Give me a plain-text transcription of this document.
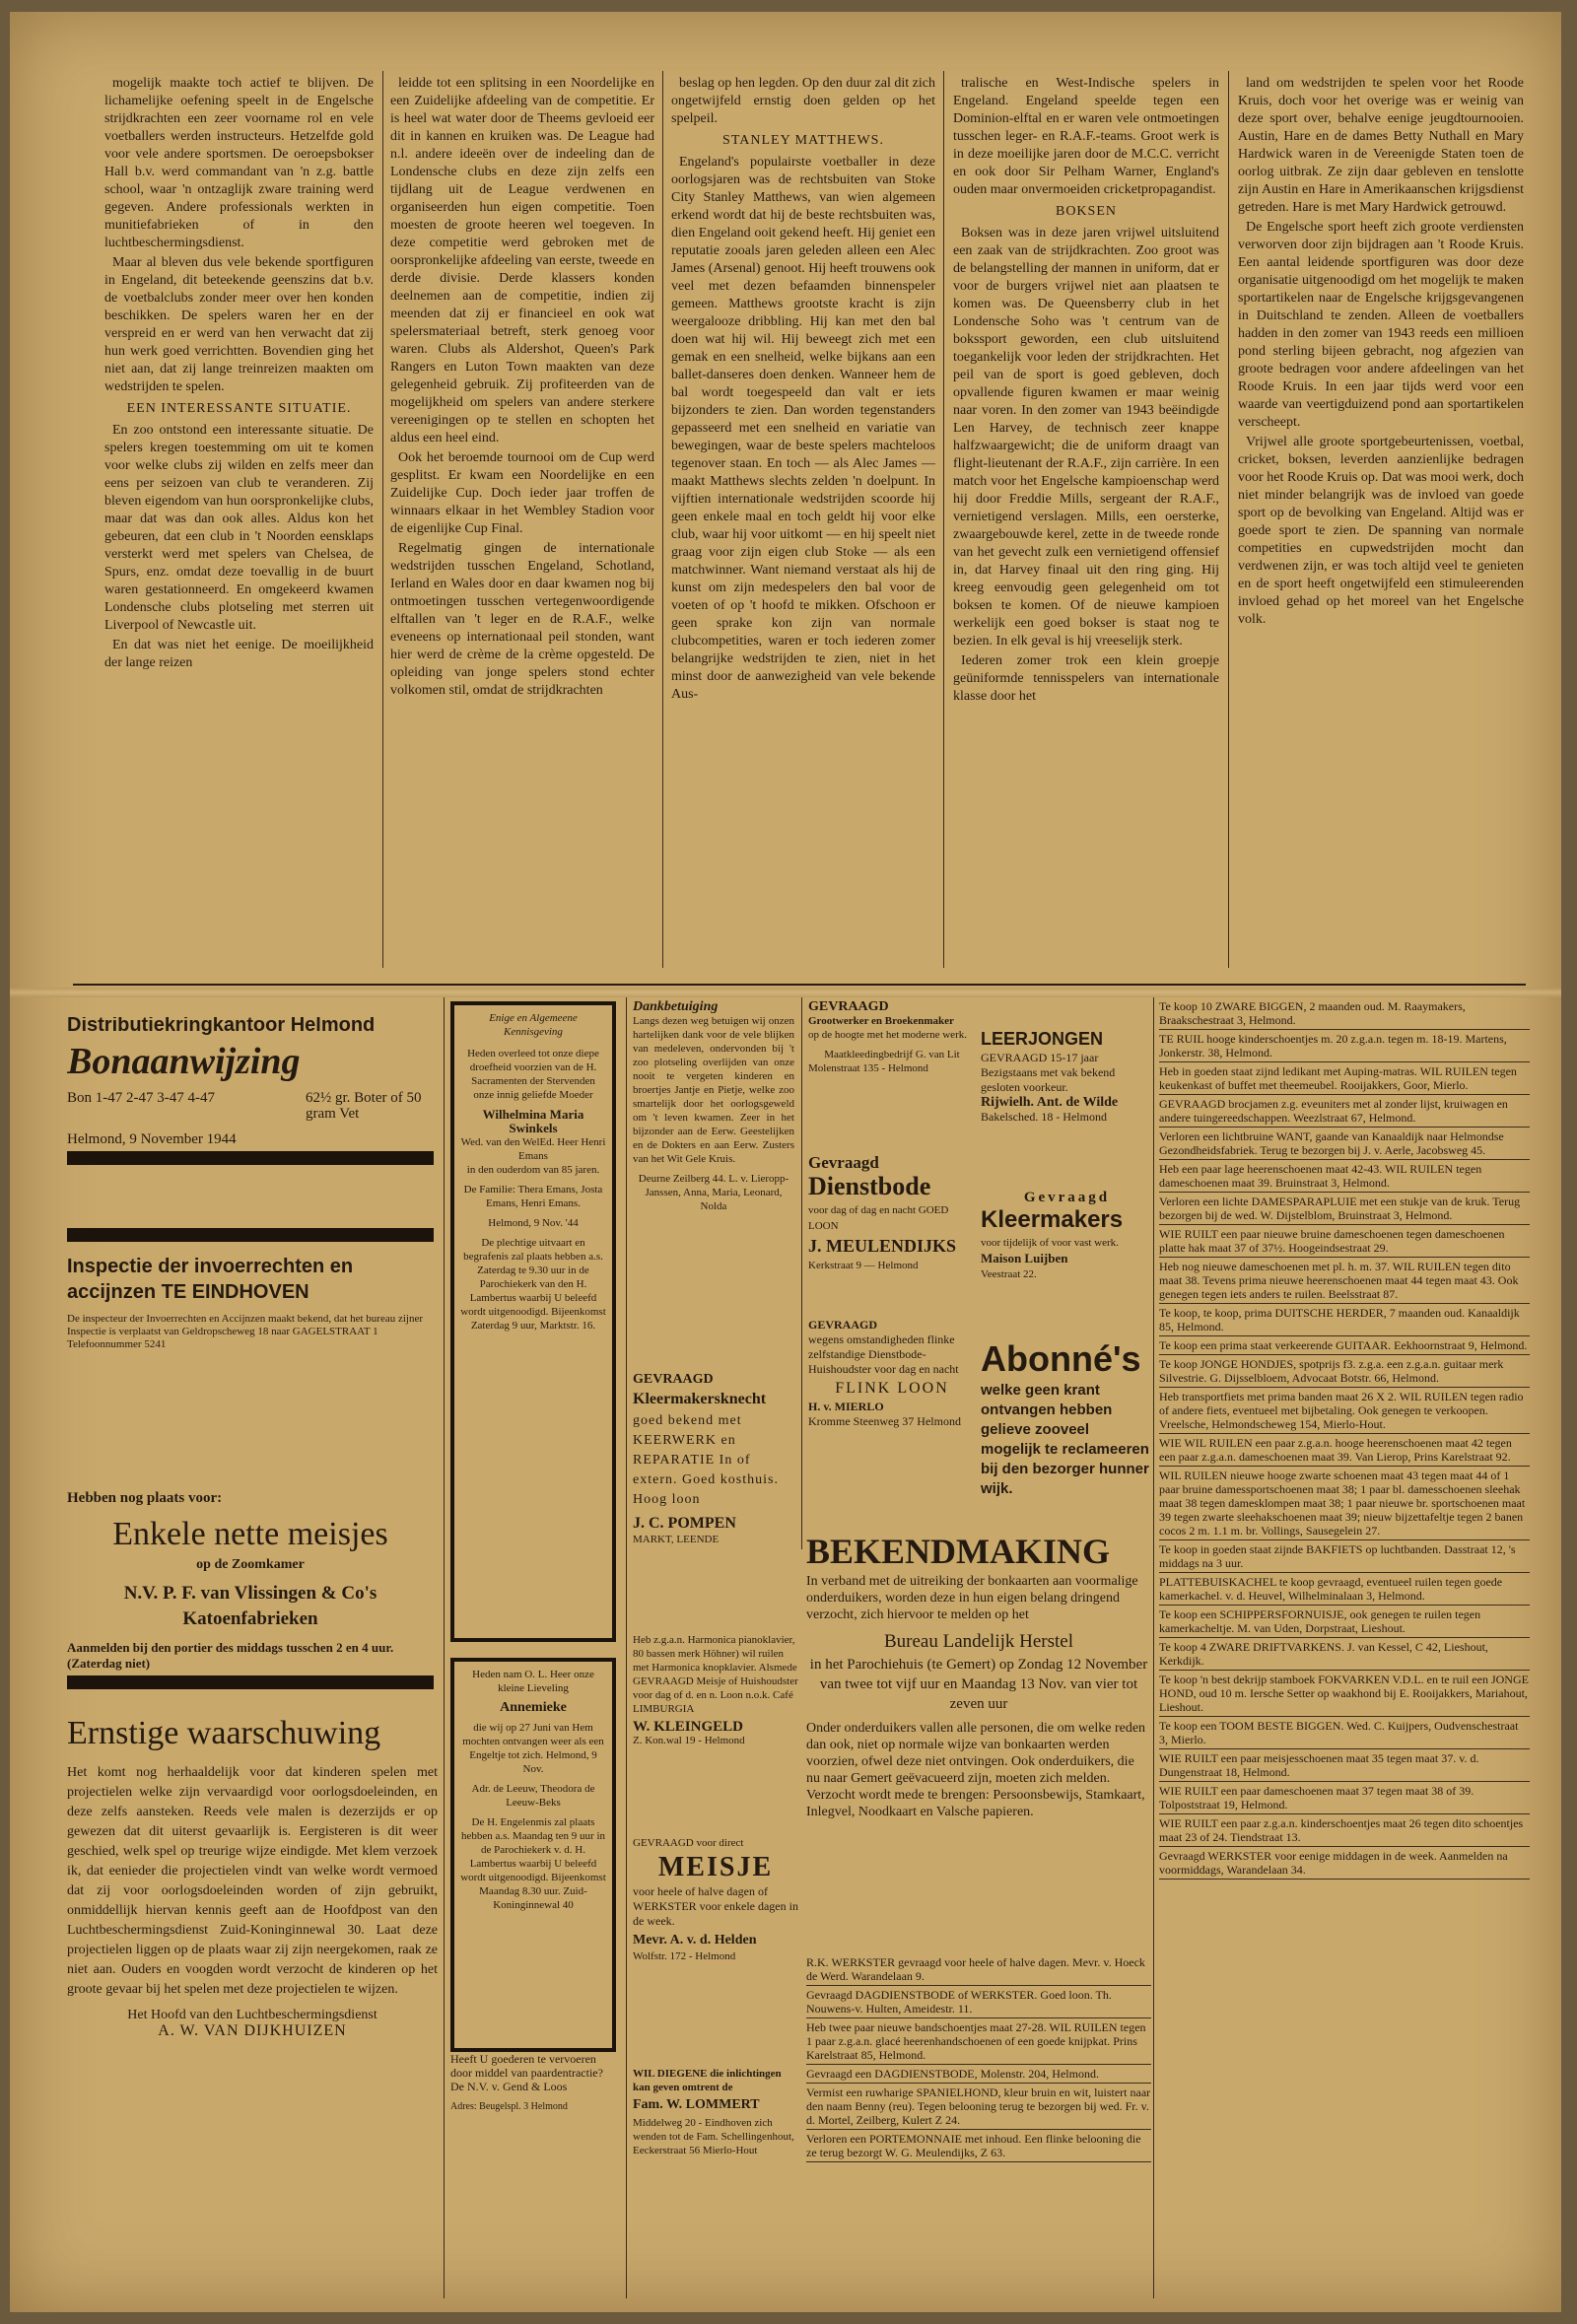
mogelijk maakte toch actief te blijven. De lichamelijke oefening speelt in de Engelsche strijdkrachten een zeer voorname rol en vele voetballers werden instructeurs. Hetzelfde gold voor vele andere sportsmen. De oeroepsbokser Hall b.v. werd commandant van 'n z.g. battle school, waar 'n ontzaglijk zware training werd gegeven. Andere professionals werkten in munitiefabrieken of in den luchtbeschermingsdienst.

Maar al bleven dus vele bekende sportfiguren in Engeland, dit beteekende geenszins dat b.v. de voetbalclubs zonder meer over hen konden beschikken. De spelers waren her en der verspreid en er werd van hen verwacht dat zij hun werk goed verrichtten. Bovendien ging het niet aan, dat zij lange treinreizen maakten om wedstrijden te spelen.

EEN INTERESSANTE SITUATIE.

En zoo ontstond een interessante situatie. De spelers kregen toestemming om uit te komen voor welke clubs zij wilden en zelfs meer dan eens per seizoen van club te veranderen. Zij bleven eigendom van hun oorspronkelijke clubs, maar dat was dan ook alles. Aldus kon het gebeuren, dat een club in 't Noorden eensklaps versterkt werd met spelers van Chelsea, de Spurs, enz. omdat deze toevallig in de buurt waren gestationneerd. En omgekeerd kwamen Londensche clubs plotseling met sterren uit Liverpool of Newcastle uit.

En dat was niet het eenige. De moeilijkheid der lange reizen

leidde tot een splitsing in een Noordelijke en een Zuidelijke afdeeling van de competitie. Er is heel wat water door de Theems gevloeid eer dit in kannen en kruiken was. De League had n.l. andere ideeën over de indeeling dan de Londensche clubs en deze zijn zelfs een tijdlang uit de League verdwenen en organiseerden hun eigen competitie. Toen moesten de groote heeren wel toegeven. In deze competitie werd gebroken met de oorspronkelijke afdeeling van eerste, tweede en derde divisie. Derde klassers konden deelnemen aan de competitie, indien zij meenden dat zij er financieel en ook wat spelersmateriaal betreft, sterk genoeg voor waren. Clubs als Aldershot, Queen's Park Rangers en Luton Town maakten van deze gelegenheid gebruik. Zij profiteerden van de mogelijkheid om spelers van andere sterkere vereenigingen op te stellen en schopten het aldus een heel eind.

Ook het beroemde tournooi om de Cup werd gesplitst. Er kwam een Noordelijke en een Zuidelijke Cup. Doch ieder jaar troffen de winnaars elkaar in het Wembley Stadion voor de eigenlijke Cup Final.

Regelmatig gingen de internationale wedstrijden tusschen Engeland, Schotland, Ierland en Wales door en daar kwamen nog bij ontmoetingen tusschen vertegenwoordigende elftallen van 't leger en de R.A.F., welke eveneens op internationaal peil stonden, want hier werd de crème de la crème opgesteld. De opleiding van jonge spelers stond echter volkomen stil, omdat de strijdkrachten

beslag op hen legden. Op den duur zal dit zich ongetwijfeld ernstig doen gelden op het spelpeil.

STANLEY MATTHEWS.

Engeland's populairste voetballer in deze oorlogsjaren was de rechtsbuiten van Stoke City Stanley Matthews, van wien algemeen erkend wordt dat hij de beste rechtsbuiten was, dien Engeland ooit gekend heeft. Hij geniet een reputatie zooals jaren geleden alleen een Alec James (Arsenal) genoot. Hij heeft trouwens ook veel met dezen befaamden binnenspeler gemeen. Matthews grootste kracht is zijn weergalooze dribbling. Hij kan met den bal doen wat hij wil. Hij beweegt zich met een gemak en een snelheid, welke bijkans aan een ballet-danseres doen denken. Wanneer hem de bal wordt toegespeeld dan valt er iets bijzonders te zien. Dan worden tegenstanders gepasseerd met een snelheid en variatie van bewegingen, waar de beste spelers machteloos tegenover staan. En toch — als Alec James — maakt Matthews slechts zelden 'n doelpunt. In vijftien internationale wedstrijden scoorde hij geen enkele maal en toch geldt hij voor elke club, waar hij voor uitkomt — en hij speelt niet graag voor zijn eigen club Stoke — als een matchwinner. Want niemand verstaat als hij de kunst om zijn medespelers den bal voor de voeten of op 't hoofd te mikken. Ofschoon er geen sprake kon zijn van normale clubcompetities, waren er toch iederen zomer belangrijke wedstrijden te zien, niet in het minst door de aanwezigheid van vele bekende Aus-

tralische en West-Indische spelers in Engeland. Engeland speelde tegen een Dominion-elftal en er waren vele ontmoetingen tusschen leger- en R.A.F.-teams. Groot werk is in deze moeilijke jaren door de M.C.C. verricht en ook door Sir Pelham Warner, England's ouden maar onvermoeiden cricketpropagandist.

BOKSEN

Boksen was in deze jaren vrijwel uitsluitend een zaak van de strijdkrachten. Zoo groot was de belangstelling der mannen in uniform, dat er voor de burgers vrijwel niet aan plaatsen te komen was. De Queensberry club in het Londensche Soho was 't centrum van de bokssport geworden, een club uitsluitend toegankelijk voor leden der strijdkrachten. Het peil van de sport is goed gebleven, doch opvallende figuren kwamen er maar weinig naar voren. In den zomer van 1943 beëindigde Len Harvey, de technisch zeer knappe halfzwaargewicht; die de uniform draagt van flight-lieutenant der R.A.F., zijn carrière. In een match voor het Engelsche kampioenschap werd hij door Freddie Mills, sergeant der R.A.F., vernietigend verslagen. Mills, een oersterke, zwaargebouwde kerel, zette in de tweede ronde van het gevecht zulk een vernietigend offensief in, dat Harvey finaal uit den ring ging. Hij kreeg eenvoudig geen gelegenheid om tot boksen te komen. Of de nieuwe kampioen werkelijk een goed bokser is staat nog te bezien. In elk geval is hij vreeselijk sterk.

Iederen zomer trok een klein groepje geüniformde tennisspelers van internationale klasse door het

land om wedstrijden te spelen voor het Roode Kruis, doch voor het overige was er weinig van deze sport over, behalve eenige jeugdtournooien. Austin, Hare en de dames Betty Nuthall en Mary Hardwick waren in de Vereenigde Staten toen de oorlog uitbrak. Ze zijn daar gebleven en tenslotte zijn Austin en Hare in Amerikaanschen krijgsdienst getreden. Hare is met Mary Hardwick getrouwd.

De Engelsche sport heeft zich groote verdiensten verworven door zijn bijdragen aan 't Roode Kruis. Een aantal leidende sportfiguren was door deze organisatie uitgenoodigd om het mogelijk te maken sportartikelen naar de Engelsche krijgsgevangenen in Duitschland te zenden. Alleen de voetballers hadden in den zomer van 1943 reeds een millioen pond sterling bijeen gebracht, nog afgezien van groote bedragen voor andere afdeelingen van het Roode Kruis. In een jaar tijds werd voor een waarde van veertigduizend pond aan sportartikelen verscheept.

Vrijwel alle groote sportgebeurtenissen, voetbal, cricket, boksen, leverden aanzienlijke bedragen voor het Roode Kruis op. Dat was mooi werk, doch niet minder belangrijk was de invloed van goede sport op de bevolking van Engeland. Altijd was er goede sport te zien. De spanning van normale competities en cupwedstrijden mocht dan verdwenen zijn, er was toch altijd veel te genieten en de sport heeft ongetwijfeld een stimuleerenden invloed gehad op het moreel van het Engelsche volk.

Distributiekringkantoor Helmond
Bonaanwijzing
Bon 1-47 2-47 3-47 4-47	62½ gr. Boter of 50 gram Vet
Helmond, 9 November 1944
Inspectie der invoerrechten en accijnzen TE EINDHOVEN
De inspecteur der Invoerrechten en Accijnzen maakt bekend, dat het bureau zijner Inspectie is verplaatst van Geldropscheweg 18 naar GAGELSTRAAT 1 Telefoonnummer 5241
Hebben nog plaats voor:
Enkele nette meisjes
op de Zoomkamer
N.V. P. F. van Vlissingen & Co's Katoenfabrieken
Aanmelden bij den portier des middags tusschen 2 en 4 uur. (Zaterdag niet)
Ernstige waarschuwing
Het komt nog herhaaldelijk voor dat kinderen spelen met projectielen welke zijn vervaardigd voor oorlogsdoeleinden, en deze zelfs aansteken. Reeds vele malen is dezerzijds er op gewezen dat dit uiterst gevaarlijk is. Eergisteren is dit weer geschied, welk spel op treurige wijze eindigde. Met klem verzoek ik, dat eenieder die projectielen vindt van welke wordt vermoed dat zij voor oorlogsdoeleinden worden of zijn gebruikt, onmiddellijk hiervan kennis geeft aan de Hoofdpost van den Luchtbeschermingsdienst Zuid-Koninginnewal 30. Laat deze projectielen liggen op de plaats waar zij zijn neergekomen, raak ze niet aan. Ouders en voogden wordt verzocht de kinderen op het groote gevaar bij het spelen met deze projectielen te wijzen.
Het Hoofd van den Luchtbeschermingsdienst
A. W. VAN DIJKHUIZEN
Enige en Algemeene Kennisgeving
Heden overleed tot onze diepe droefheid voorzien van de H. Sacramenten der Stervenden onze innig geliefde Moeder
Wilhelmina Maria Swinkels
Wed. van den WelEd. Heer Henri Emans
in den ouderdom van 85 jaren.
De Familie: Thera Emans, Josta Emans, Henri Emans.
Helmond, 9 Nov. '44
De plechtige uitvaart en begrafenis zal plaats hebben a.s. Zaterdag te 9.30 uur in de Parochiekerk van den H. Lambertus waarbij U beleefd wordt uitgenoodigd. Bijeenkomst Zaterdag 9 uur, Marktstr. 16.
Heden nam O. L. Heer onze kleine Lieveling
Annemieke
die wij op 27 Juni van Hem mochten ontvangen weer als een Engeltje tot zich. Helmond, 9 Nov.
Adr. de Leeuw, Theodora de Leeuw-Beks
De H. Engelenmis zal plaats hebben a.s. Maandag ten 9 uur in de Parochiekerk v. d. H. Lambertus waarbij U beleefd wordt uitgenoodigd. Bijeenkomst Maandag 8.30 uur. Zuid-Koninginnewal 40
Heeft U goederen te vervoeren door middel van paardentractie? De N.V. v. Gend & Loos
Adres: Beugelspl. 3 Helmond
Dankbetuiging
Langs dezen weg betuigen wij onzen hartelijken dank voor de vele blijken van medeleven, ondervonden bij 't zoo plotseling overlijden van onze nooit te vergeten kinderen en broertjes Jantje en Pietje, welke zoo smartelijk door het oorlogsgeweld om 't leven kwamen. Zeer in het bijzonder aan de Eerw. Geestelijken en de Dokters en aan Eerw. Zusters van het Wit Gele Kruis.
Deurne Zeilberg 44. L. v. Lieropp-Janssen, Anna, Maria, Leonard, Nolda
GEVRAAGD
Kleermakersknecht
goed bekend met KEERWERK en REPARATIE In of extern. Goed kosthuis. Hoog loon
J. C. POMPEN
MARKT, LEENDE
Heb z.g.a.n. Harmonica pianoklavier, 80 bassen merk Höhner) wil ruilen met Harmonica knopklavier. Alsmede GEVRAAGD Meisje of Huishoudster voor dag of d. en n. Loon n.o.k. Café LIMBURGIA
W. KLEINGELD
Z. Kon.wal 19 - Helmond
GEVRAAGD voor direct
MEISJE
voor heele of halve dagen of WERKSTER voor enkele dagen in de week.
Mevr. A. v. d. Helden
Wolfstr. 172 - Helmond
WIL DIEGENE die inlichtingen kan geven omtrent de
Fam. W. LOMMERT
Middelweg 20 - Eindhoven zich wenden tot de Fam. Schellingenhout, Eeckerstraat 56 Mierlo-Hout
GEVRAAGD
Grootwerker en Broekenmaker
op de hoogte met het moderne werk.
Maatkleedingbedrijf G. van Lit
Molenstraat 135 - Helmond
Gevraagd
Dienstbode
voor dag of dag en nacht GOED LOON
J. MEULENDIJKS
Kerkstraat 9 — Helmond
GEVRAAGD
wegens omstandigheden flinke zelfstandige Dienstbode- Huishoudster voor dag en nacht
FLINK LOON
H. v. MIERLO
Kromme Steenweg 37 Helmond
LEERJONGEN
GEVRAAGD 15-17 jaar Bezigstaans met vak bekend gesloten voorkeur.
Rijwielh. Ant. de Wilde
Bakelsched. 18 - Helmond
Gevraagd
Kleermakers
voor tijdelijk of voor vast werk.
Maison Luijben
Veestraat 22.
Abonné's
welke geen krant ontvangen hebben gelieve zooveel mogelijk te reclameeren bij den bezorger hunner wijk.
BEKENDMAKING
In verband met de uitreiking der bonkaarten aan voormalige onderduikers, worden deze in hun eigen belang dringend verzocht, zich hiervoor te melden op het
Bureau Landelijk Herstel
in het Parochiehuis (te Gemert) op Zondag 12 November van twee tot vijf uur en Maandag 13 Nov. van vier tot zeven uur
Onder onderduikers vallen alle personen, die om welke reden dan ook, niet op normale wijze van bonkaarten werden voorzien, ofwel deze niet ontvingen. Ook onderduikers, die nu naar Gemert geëvacueerd zijn, moeten zich melden. Verzocht wordt mede te brengen: Persoonsbewijs, Stamkaart, Inlegvel, Noodkaart en Valsche papieren.
R.K. WERKSTER gevraagd voor heele of halve dagen. Mevr. v. Hoeck de Werd. Warandelaan 9.
Gevraagd DAGDIENSTBODE of WERKSTER. Goed loon. Th. Nouwens-v. Hulten, Ameidestr. 11.
Heb twee paar nieuwe bandschoentjes maat 27-28. WIL RUILEN tegen 1 paar z.g.a.n. glacé heerenhandschoenen of een goede knijpkat. Prins Karelstraat 85, Helmond.
Gevraagd een DAGDIENSTBODE, Molenstr. 204, Helmond.
Vermist een ruwharige SPANIELHOND, kleur bruin en wit, luistert naar den naam Benny (reu). Tegen belooning terug te bezorgen bij wed. Fr. v. d. Mortel, Zeilberg, Kulert Z 24.
Verloren een PORTEMONNAIE met inhoud. Een flinke belooning die ze terug bezorgt W. G. Meulendijks, Z 63.
Te koop 10 ZWARE BIGGEN, 2 maanden oud. M. Raaymakers, Braakschestraat 3, Helmond.
TE RUIL hooge kinderschoentjes m. 20 z.g.a.n. tegen m. 18-19. Martens, Jonkerstr. 38, Helmond.
Heb in goeden staat zijnd ledikant met Auping-matras. WIL RUILEN tegen keukenkast of buffet met theemeubel. Rooijakkers, Goor, Mierlo.
GEVRAAGD brocjamen z.g. eveuniters met al zonder lijst, kruiwagen en andere tuingereedschappen. Weezlstraat 67, Helmond.
Verloren een lichtbruine WANT, gaande van Kanaaldijk naar Helmondse Gezondheidsfabriek. Terug te bezorgen bij J. v. Aerle, Jacobsweg 45.
Heb een paar lage heerenschoenen maat 42-43. WIL RUILEN tegen dameschoenen maat 39. Bruinstraat 3, Helmond.
Verloren een lichte DAMESPARAPLUIE met een stukje van de kruk. Terug bezorgen bij de wed. W. Dijstelblom, Bruinstraat 3, Helmond.
WIE RUILT een paar nieuwe bruine dameschoenen tegen dameschoenen platte hak maat 37 of 37½. Hoogeindsestraat 29.
Heb nog nieuwe dameschoenen met pl. h. m. 37. WIL RUILEN tegen dito maat 38. Tevens prima nieuwe heerenschoenen maat 44 tegen maat 43. Ook genegen tegen iets anders te ruilen. Beelsstraat 87.
Te koop, te koop, prima DUITSCHE HERDER, 7 maanden oud. Kanaaldijk 85, Helmond.
Te koop een prima staat verkeerende GUITAAR. Eekhoornstraat 9, Helmond.
Te koop JONGE HONDJES, spotprijs f3. z.g.a. een z.g.a.n. guitaar merk Silvestrie. G. Dijsselbloem, Advocaat Botstr. 66, Helmond.
Heb transportfiets met prima banden maat 26 X 2. WIL RUILEN tegen radio of andere fiets, eventueel met bijbetaling. Ook genegen te verkoopen. Vreelsche, Helmondscheweg 154, Mierlo-Hout.
WIE WIL RUILEN een paar z.g.a.n. hooge heerenschoenen maat 42 tegen een paar z.g.a.n. dameschoenen maat 39. Van Lierop, Prins Karelstraat 92.
WIL RUILEN nieuwe hooge zwarte schoenen maat 43 tegen maat 44 of 1 paar bruine damessportschoenen maat 38; 1 paar bl. damesschoenen sleehak maat 38 tegen damesklompen maat 38; 1 paar nieuwe br. sportschoenen maat 39 tegen zwarte sleehakschoenen maat 39; nieuw bijzettafeltje tegen 2 banen cocos 2 m. 1.1 m. br. Vollings, Sausegelein 27.
Te koop in goeden staat zijnde BAKFIETS op luchtbanden. Dasstraat 12, 's middags na 3 uur.
PLATTEBUISKACHEL te koop gevraagd, eventueel ruilen tegen goede kamerkachel. v. d. Heuvel, Wilhelminalaan 3, Helmond.
Te koop een SCHIPPERSFORNUISJE, ook genegen te ruilen tegen kamerkacheltje. M. van Uden, Dorpstraat, Lieshout.
Te koop 4 ZWARE DRIFTVARKENS. J. van Kessel, C 42, Lieshout, Kerkdijk.
Te koop 'n best dekrijp stamboek FOKVARKEN V.D.L. en te ruil een JONGE HOND, oud 10 m. Iersche Setter op waakhond bij E. Rooijakkers, Mariahout, Lieshout.
Te koop een TOOM BESTE BIGGEN. Wed. C. Kuijpers, Oudvenschestraat 3, Mierlo.
WIE RUILT een paar meisjesschoenen maat 35 tegen maat 37. v. d. Dungenstraat 18, Helmond.
WIE RUILT een paar dameschoenen maat 37 tegen maat 38 of 39. Tolpoststraat 19, Helmond.
WIE RUILT een paar z.g.a.n. kinderschoentjes maat 26 tegen dito schoentjes maat 23 of 24. Tiendstraat 13.
Gevraagd WERKSTER voor eenige middagen in de week. Aanmelden na voormiddags, Warandelaan 34.
